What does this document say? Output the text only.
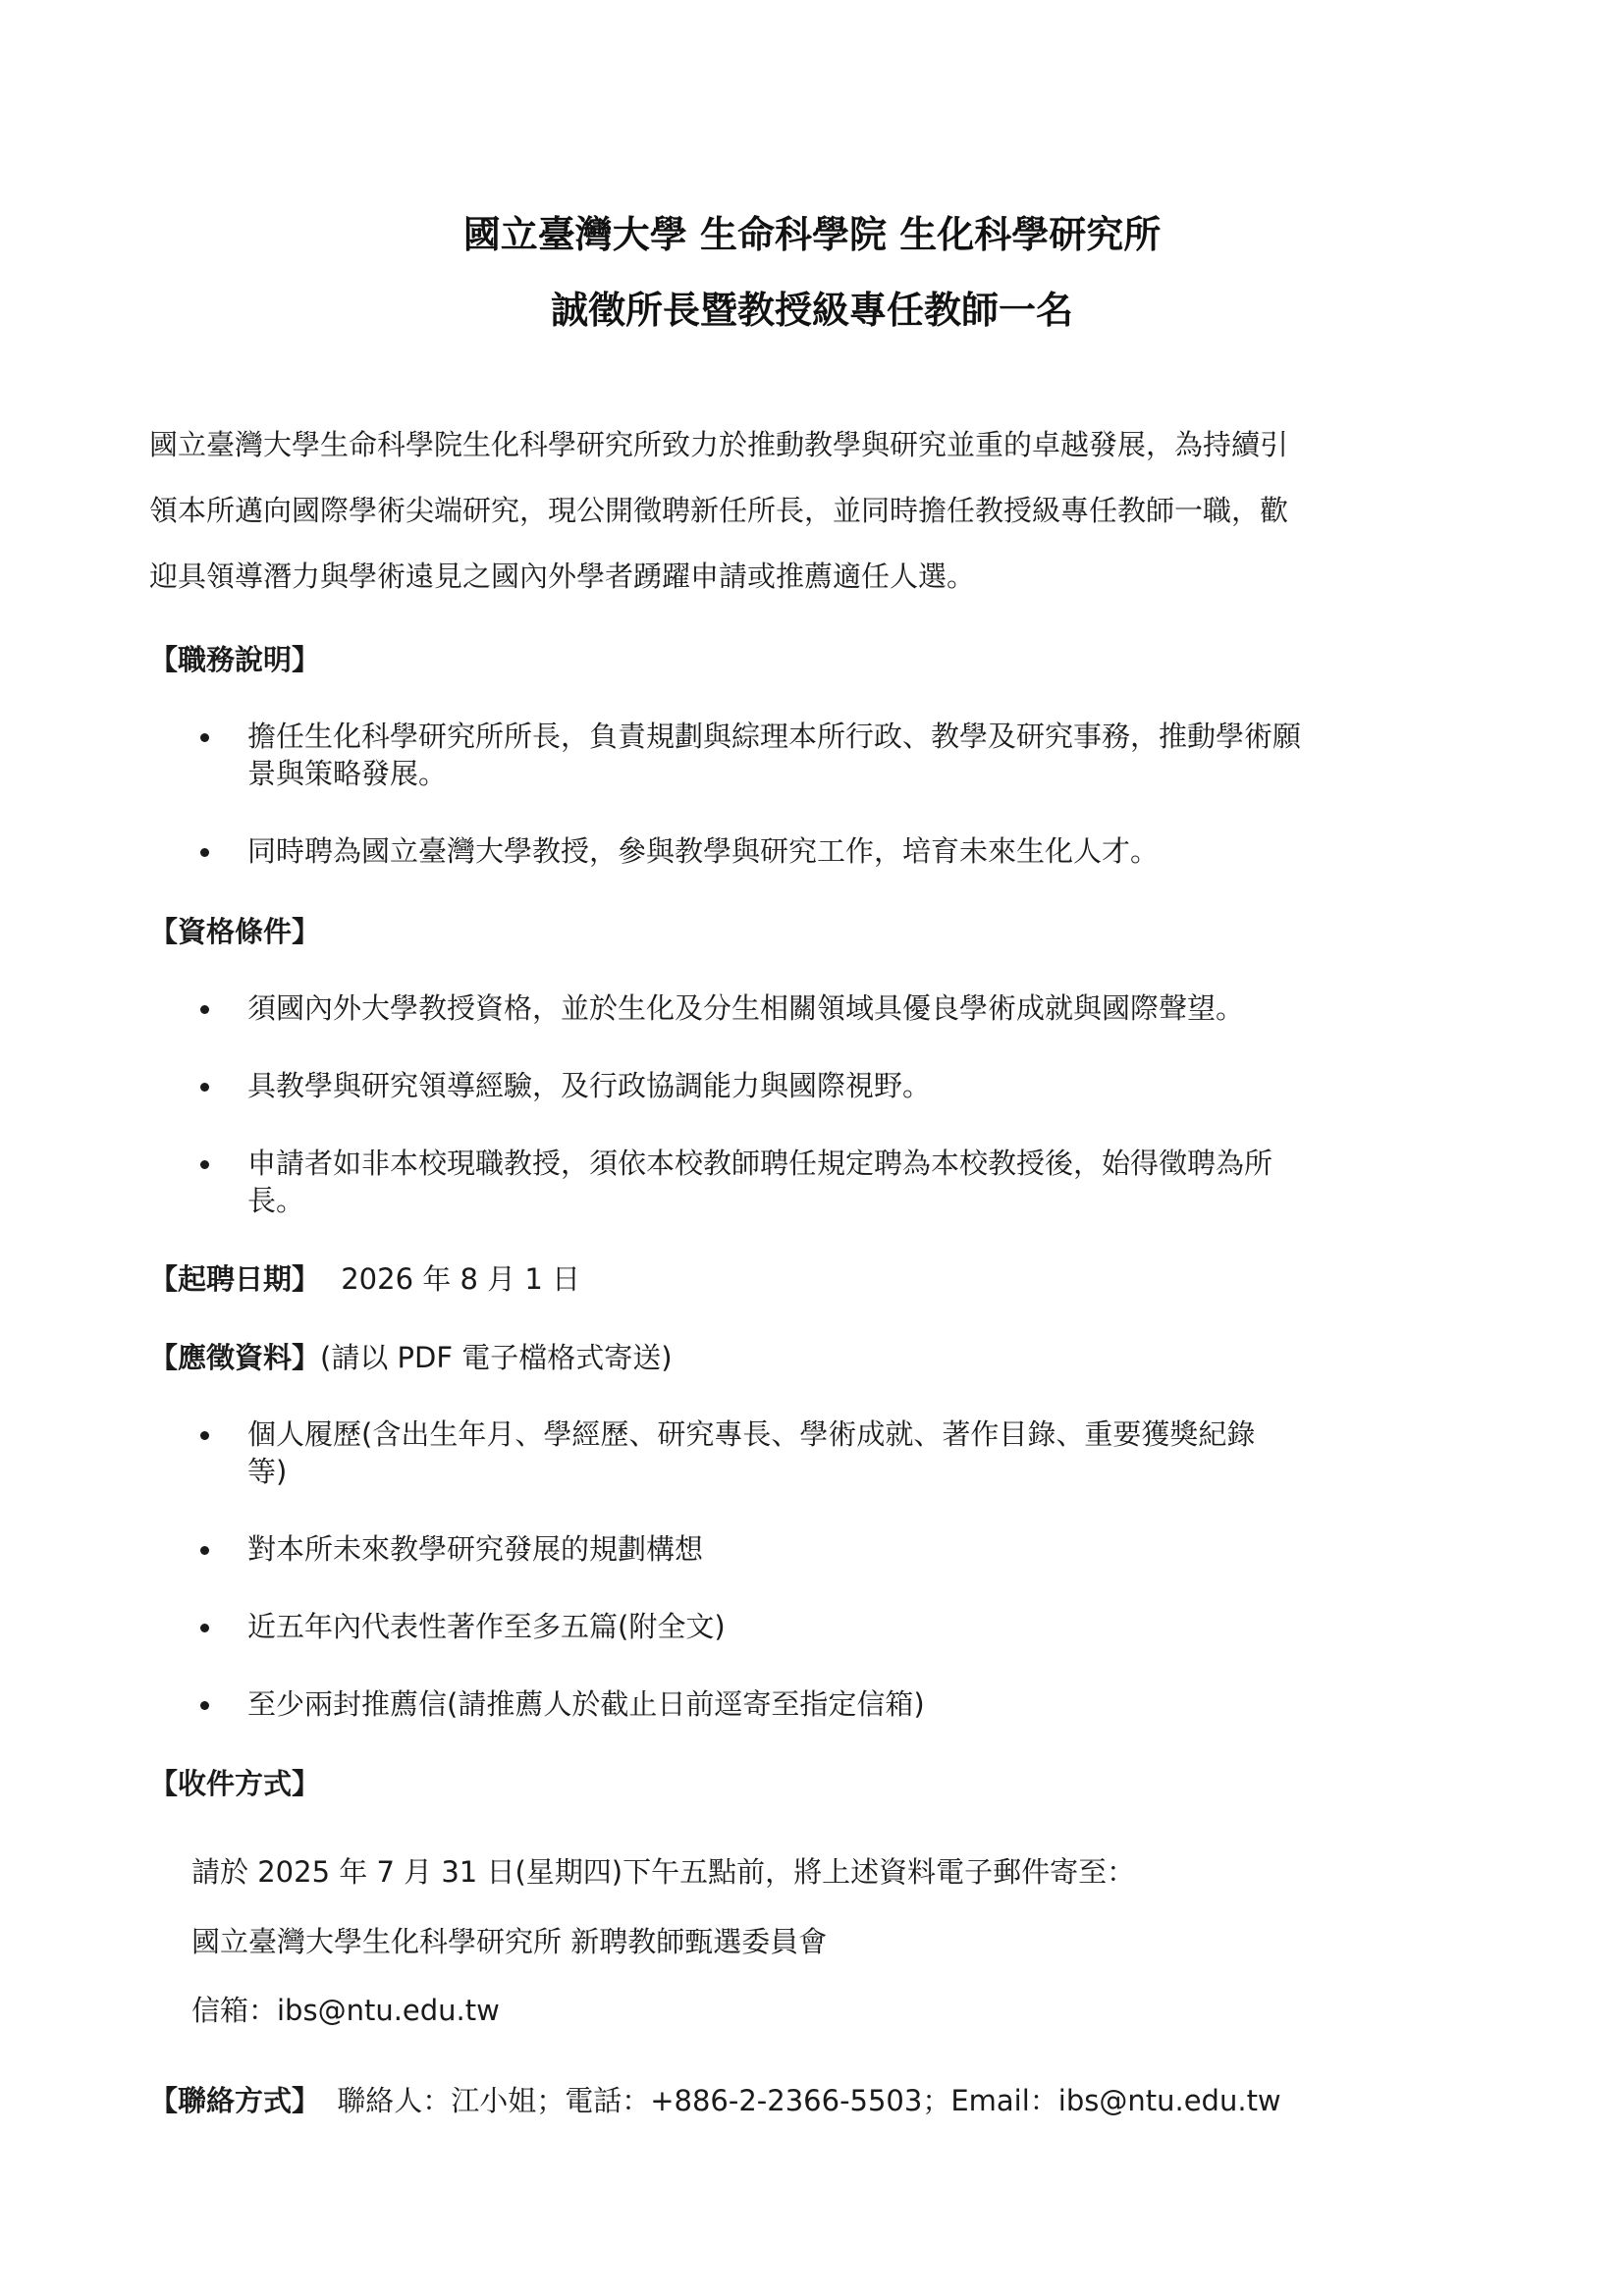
國立臺灣大學 生命科學院 生化科學研究所
誠徵所長暨教授級專任教師一名
國立臺灣大學生命科學院生化科學研究所致力於推動教學與研究並重的卓越發展，為持續引
領本所邁向國際學術尖端研究，現公開徵聘新任所長，並同時擔任教授級專任教師一職，歡
迎具領導潛力與學術遠見之國內外學者踴躍申請或推薦適任人選。
【職務說明】
擔任生化科學研究所所長，負責規劃與綜理本所行政、教學及研究事務，推動學術願
景與策略發展。
同時聘為國立臺灣大學教授，參與教學與研究工作，培育未來生化人才。
【資格條件】
須國內外大學教授資格，並於生化及分生相關領域具優良學術成就與國際聲望。
具教學與研究領導經驗，及行政協調能力與國際視野。
申請者如非本校現職教授，須依本校教師聘任規定聘為本校教授後，始得徵聘為所
長。
【起聘日期】 2026 年 8 月 1 日
【應徵資料】(請以 PDF 電子檔格式寄送)
個人履歷(含出生年月、學經歷、研究專長、學術成就、著作目錄、重要獲獎紀錄
等)
對本所未來教學研究發展的規劃構想
近五年內代表性著作至多五篇(附全文)
至少兩封推薦信(請推薦人於截止日前逕寄至指定信箱)
【收件方式】
請於 2025 年 7 月 31 日(星期四)下午五點前，將上述資料電子郵件寄至：
國立臺灣大學生化科學研究所 新聘教師甄選委員會
信箱：ibs@ntu.edu.tw
【聯絡方式】 聯絡人：江小姐；電話：+886-2-2366-5503；Email：ibs@ntu.edu.tw
